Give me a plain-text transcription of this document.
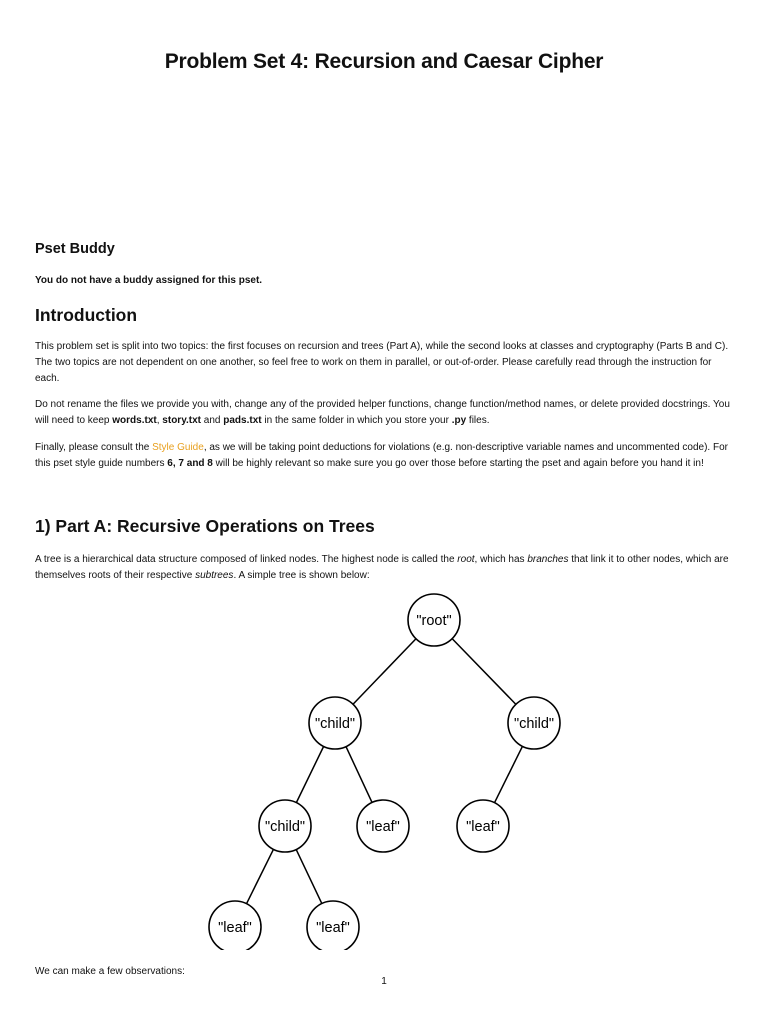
Problem Set 4: Recursion and Caesar Cipher
Pset Buddy

You do not have a buddy assigned for this pset.

Introduction

This problem set is split into two topics: the first focuses on recursion and trees (Part A), while the second looks at classes and cryptography (Parts B and C). The two topics are not dependent on one another, so feel free to work on them in parallel, or out-of-order. Please carefully read through the instruction for each.

Do not rename the files we provide you with, change any of the provided helper functions, change function/method names, or delete provided docstrings. You will need to keep words.txt, story.txt and pads.txt in the same folder in which you store your .py files.

Finally, please consult the Style Guide, as we will be taking point deductions for violations (e.g. non-descriptive variable names and uncommented code). For this pset style guide numbers 6, 7 and 8 will be highly relevant so make sure you go over those before starting the pset and again before you hand it in!

1) Part A: Recursive Operations on Trees

A tree is a hierarchical data structure composed of linked nodes. The highest node is called the root, which has branches that link it to other nodes, which are themselves roots of their respective subtrees. A simple tree is shown below:

"root"
"child"	"child"
"child"	"leaf"	"leaf"
"leaf"	"leaf"

We can make a few observations:

1
